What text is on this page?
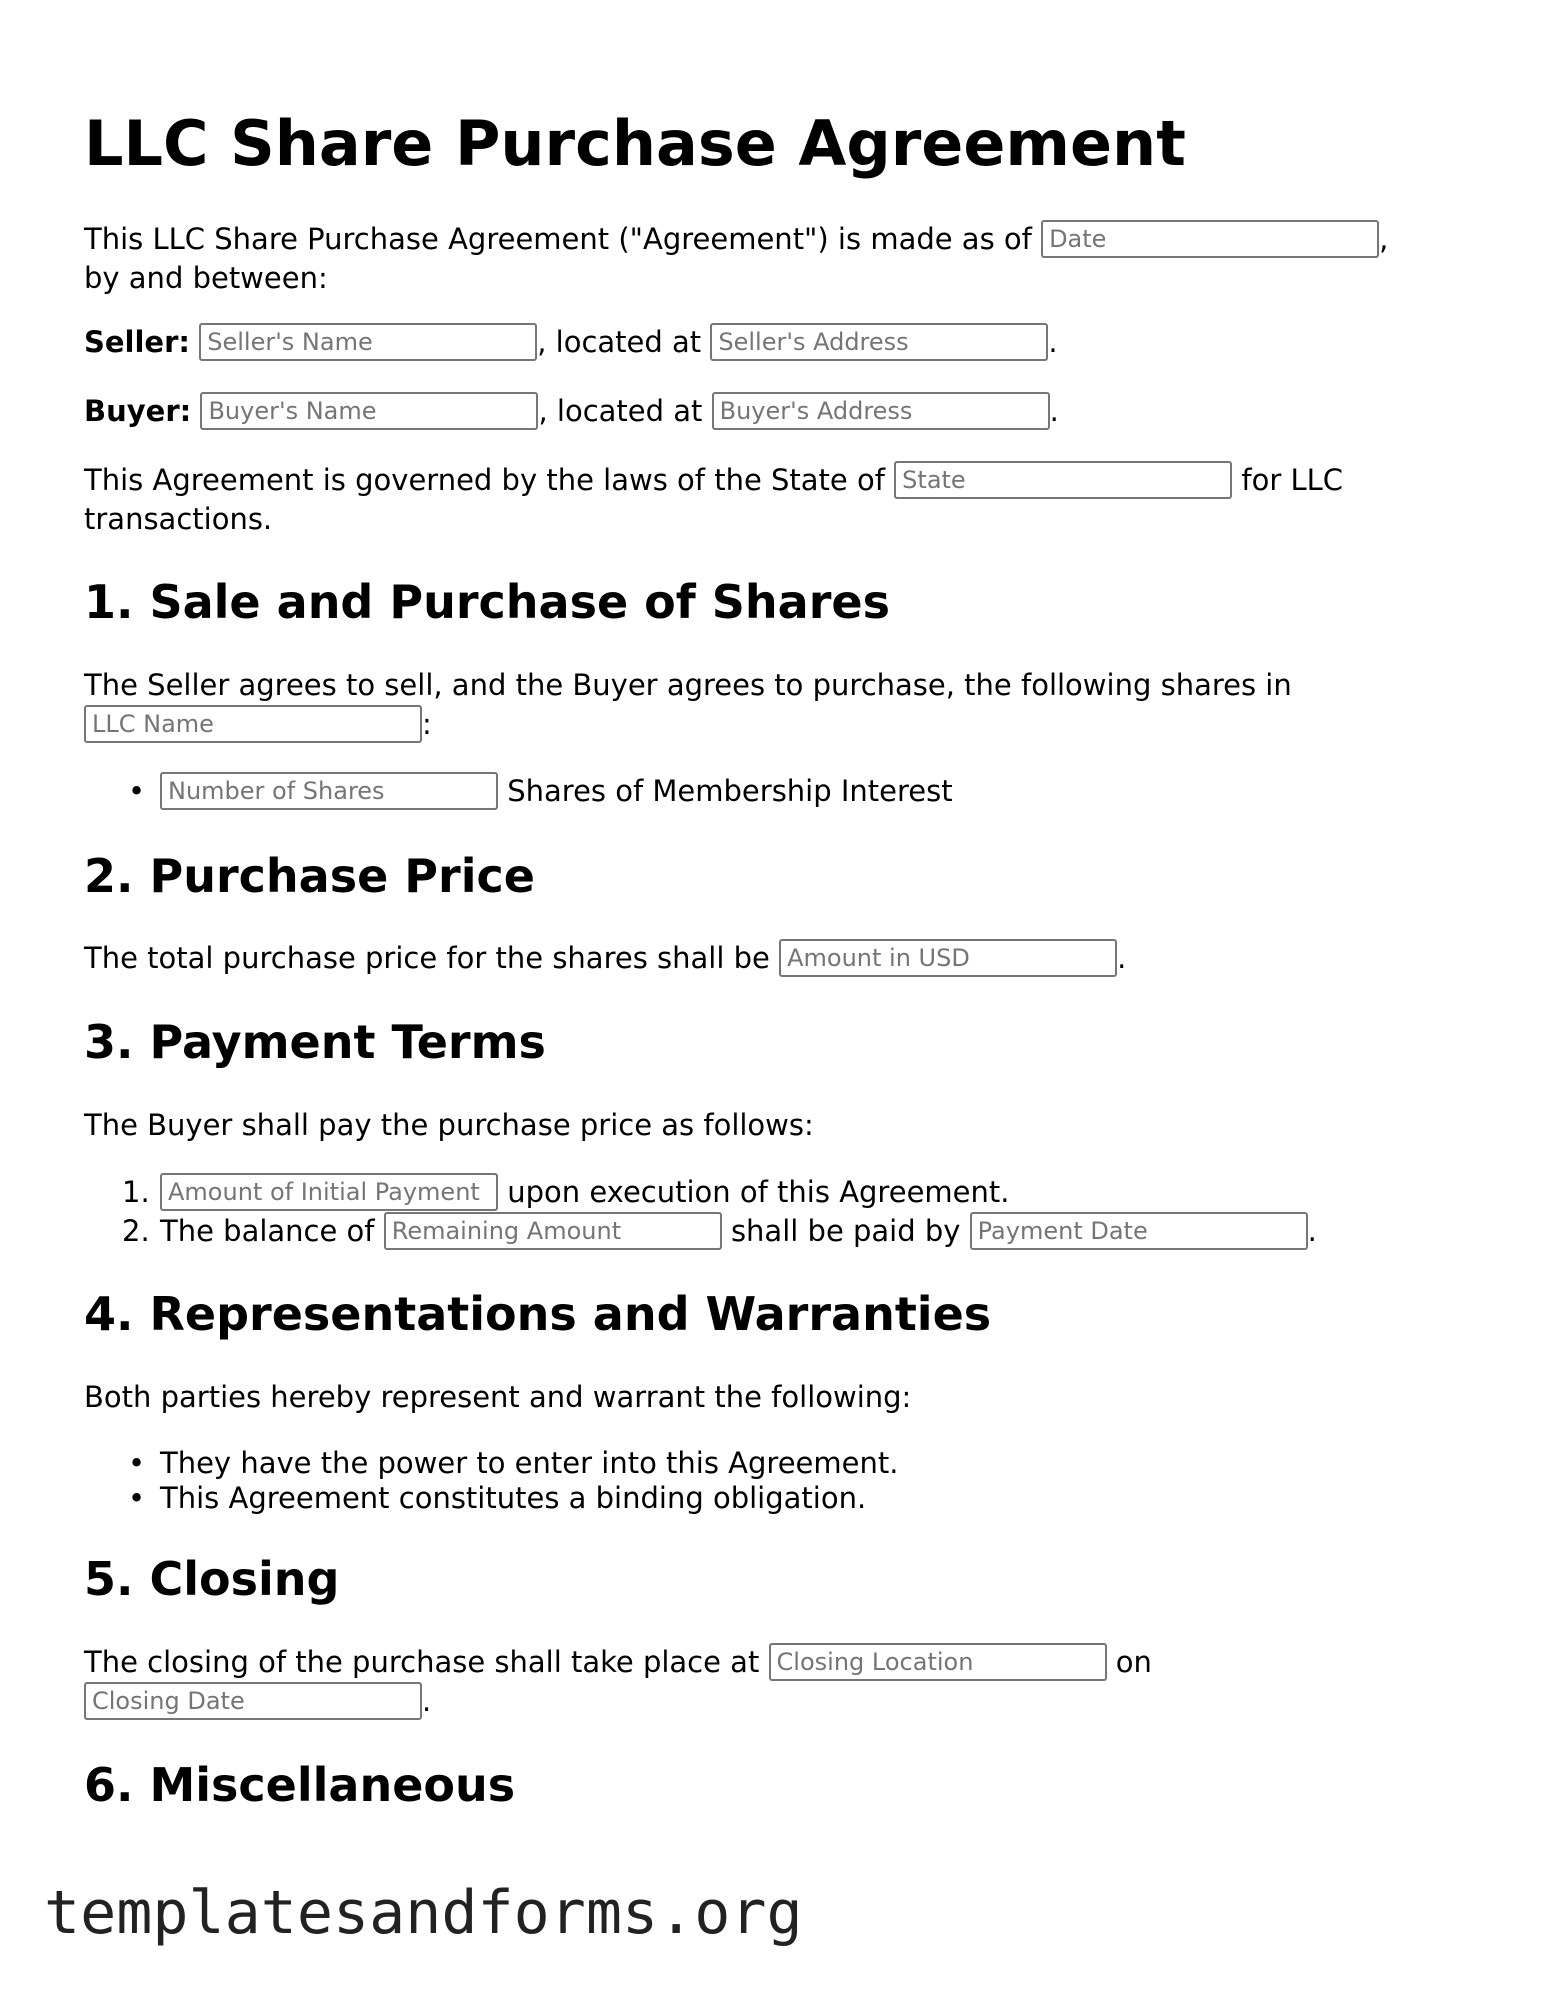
LLC Share Purchase Agreement
This LLC Share Purchase Agreement ("Agreement") is made as of Date	,
by and between:
Seller: Seller's Name	, located at Seller's Address	.
Buyer: Buyer's Name	, located at Buyer's Address	.
This Agreement is governed by the laws of the State of State	for LLC
transactions.
1. Sale and Purchase of Shares
The Seller agrees to sell, and the Buyer agrees to purchase, the following shares in
LLC Name:
•
Number of Shares	Shares of Membership Interest
2. Purchase Price
The total purchase price for the shares shall be Amount in USD	.
3. Payment Terms
The Buyer shall pay the purchase price as follows:
1.
Amount of Initial Payment	upon execution of this Agreement.
2. The balance of Remaining Amount	shall be paid by Payment Date	.
4. Representations and Warranties
Both parties hereby represent and warrant the following:
• They have the power to enter into this Agreement.
• This Agreement constitutes a binding obligation.
5. Closing
The closing of the purchase shall take place at Closing Location	on
Closing Date.
6. Miscellaneous
templatesandforms.org
